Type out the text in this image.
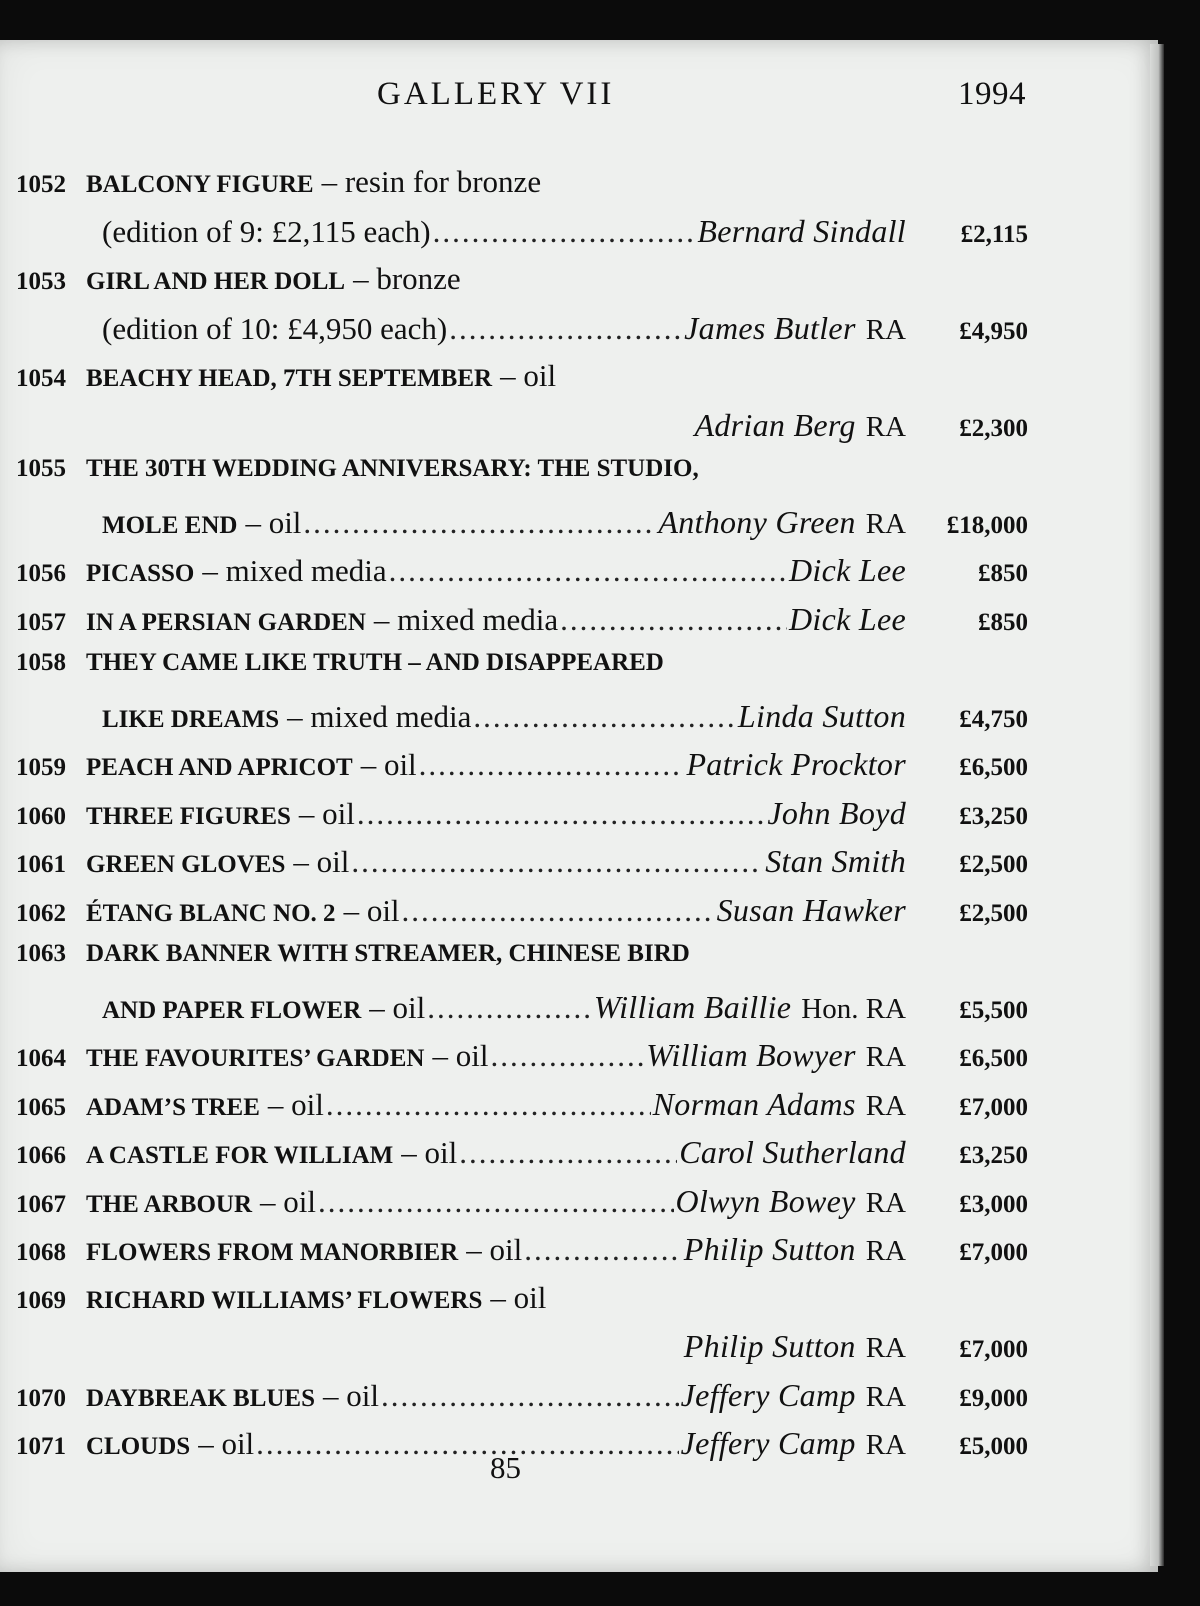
GALLERY VII	1994
1052 BALCONY FIGURE – resin for bronze
(edition of 9: £2,115 each) .....	Bernard Sindall	£2,115
1053 GIRL AND HER DOLL – bronze
(edition of 10: £4,950 each) .....	James Butler RA	£4,950
1054 BEACHY HEAD, 7TH SEPTEMBER – oil
Adrian Berg RA	£2,300
1055 THE 30TH WEDDING ANNIVERSARY: THE STUDIO,
MOLE END – oil .....	Anthony Green RA	£18,000
1056 PICASSO – mixed media .....	Dick Lee	£850
1057 IN A PERSIAN GARDEN – mixed media .....	Dick Lee	£850
1058 THEY CAME LIKE TRUTH – AND DISAPPEARED
LIKE DREAMS – mixed media .....	Linda Sutton	£4,750
1059 PEACH AND APRICOT – oil .....	Patrick Procktor	£6,500
1060 THREE FIGURES – oil .....	John Boyd	£3,250
1061 GREEN GLOVES – oil .....	Stan Smith	£2,500
1062 ÉTANG BLANC NO. 2 – oil .....	Susan Hawker	£2,500
1063 DARK BANNER WITH STREAMER, CHINESE BIRD
AND PAPER FLOWER – oil .....	William Baillie Hon. RA	£5,500
1064 THE FAVOURITES’ GARDEN – oil .....	William Bowyer RA	£6,500
1065 ADAM’S TREE – oil .....	Norman Adams RA	£7,000
1066 A CASTLE FOR WILLIAM – oil .....	Carol Sutherland	£3,250
1067 THE ARBOUR – oil .....	Olwyn Bowey RA	£3,000
1068 FLOWERS FROM MANORBIER – oil .....	Philip Sutton RA	£7,000
1069 RICHARD WILLIAMS’ FLOWERS – oil
Philip Sutton RA	£7,000
1070 DAYBREAK BLUES – oil .....	Jeffery Camp RA	£9,000
1071 CLOUDS – oil .....	Jeffery Camp RA	£5,000
85
